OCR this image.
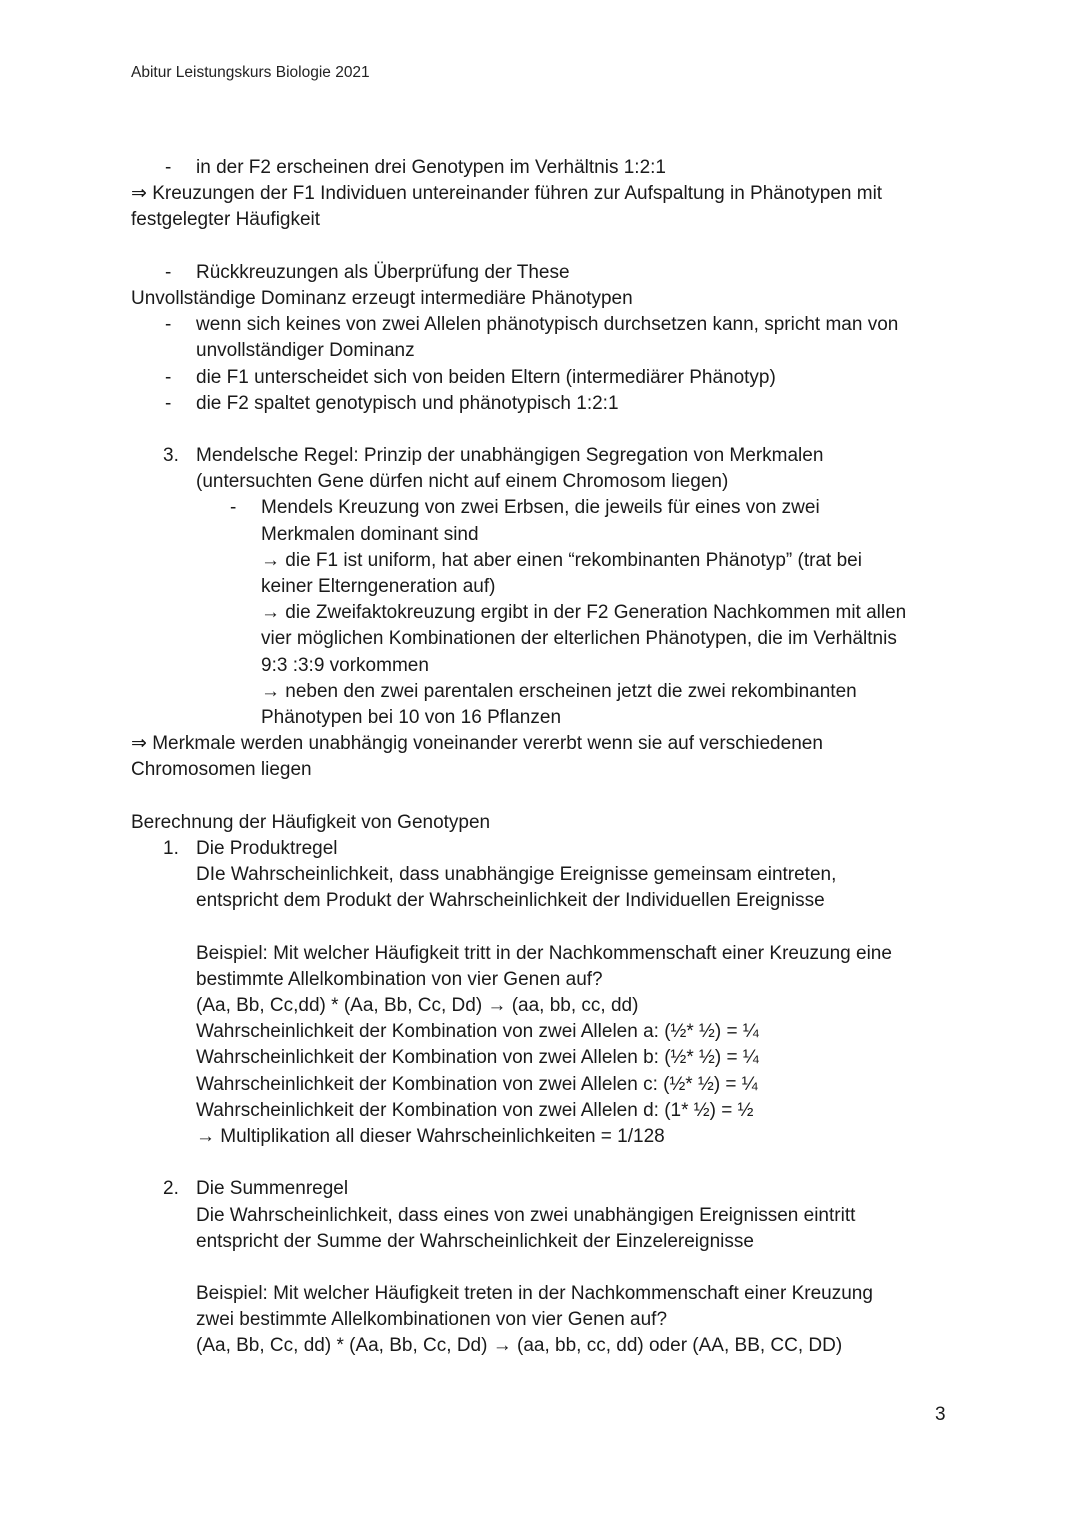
Abitur Leistungskurs Biologie 2021
- in der F2 erscheinen drei Genotypen im Verhältnis 1:2:1
⇒ Kreuzungen der F1 Individuen untereinander führen zur Aufspaltung in Phänotypen mit
festgelegter Häufigkeit
- Rückkreuzungen als Überprüfung der These
Unvollständige Dominanz erzeugt intermediäre Phänotypen
- wenn sich keines von zwei Allelen phänotypisch durchsetzen kann, spricht man von
unvollständiger Dominanz
- die F1 unterscheidet sich von beiden Eltern (intermediärer Phänotyp)
- die F2 spaltet genotypisch und phänotypisch 1:2:1
3. Mendelsche Regel: Prinzip der unabhängigen Segregation von Merkmalen
(untersuchten Gene dürfen nicht auf einem Chromosom liegen)
- Mendels Kreuzung von zwei Erbsen, die jeweils für eines von zwei
Merkmalen dominant sind
→ die F1 ist uniform, hat aber einen “rekombinanten Phänotyp” (trat bei
keiner Elterngeneration auf)
→ die Zweifaktokreuzung ergibt in der F2 Generation Nachkommen mit allen
vier möglichen Kombinationen der elterlichen Phänotypen, die im Verhältnis
9:3 :3:9 vorkommen
→ neben den zwei parentalen erscheinen jetzt die zwei rekombinanten
Phänotypen bei 10 von 16 Pflanzen
⇒ Merkmale werden unabhängig voneinander vererbt wenn sie auf verschiedenen
Chromosomen liegen
Berechnung der Häufigkeit von Genotypen
1. Die Produktregel
DIe Wahrscheinlichkeit, dass unabhängige Ereignisse gemeinsam eintreten,
entspricht dem Produkt der Wahrscheinlichkeit der Individuellen Ereignisse
Beispiel: Mit welcher Häufigkeit tritt in der Nachkommenschaft einer Kreuzung eine
bestimmte Allelkombination von vier Genen auf?
(Aa, Bb, Cc,dd) * (Aa, Bb, Cc, Dd) → (aa, bb, cc, dd)
Wahrscheinlichkeit der Kombination von zwei Allelen a: (½* ½) = ¼
Wahrscheinlichkeit der Kombination von zwei Allelen b: (½* ½) = ¼
Wahrscheinlichkeit der Kombination von zwei Allelen c: (½* ½) = ¼
Wahrscheinlichkeit der Kombination von zwei Allelen d: (1* ½) = ½
→ Multiplikation all dieser Wahrscheinlichkeiten = 1/128
2. Die Summenregel
Die Wahrscheinlichkeit, dass eines von zwei unabhängigen Ereignissen eintritt
entspricht der Summe der Wahrscheinlichkeit der Einzelereignisse
Beispiel: Mit welcher Häufigkeit treten in der Nachkommenschaft einer Kreuzung
zwei bestimmte Allelkombinationen von vier Genen auf?
(Aa, Bb, Cc, dd) * (Aa, Bb, Cc, Dd) → (aa, bb, cc, dd) oder (AA, BB, CC, DD)
3
